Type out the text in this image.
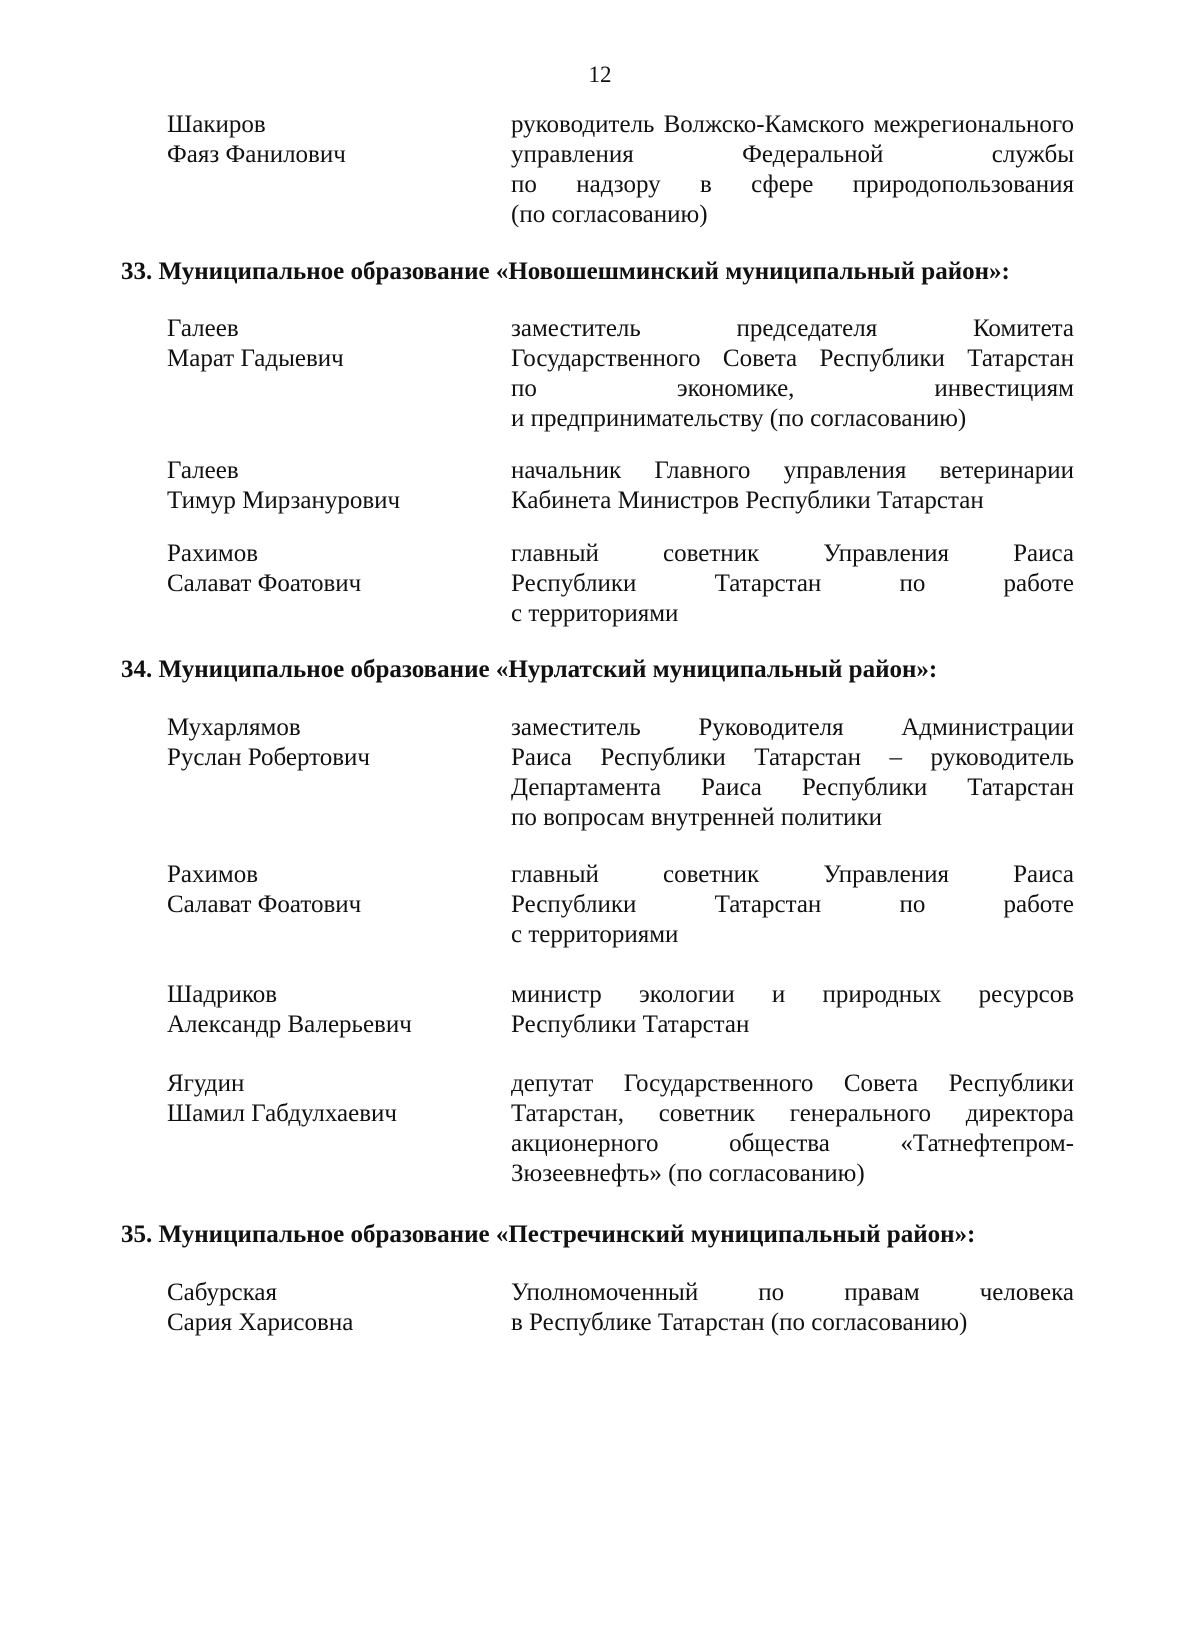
12
Шакиров
Фаяз Фанилович
руководитель Волжско-Камского межрегионального
управления Федеральной службы
по надзору в сфере природопользования
(по согласованию)
33. Муниципальное образование «Новошешминский муниципальный район»:
Галеев
Марат Гадыевич
заместитель председателя Комитета
Государственного Совета Республики Татарстан
по экономике, инвестициям
и предпринимательству (по согласованию)
Галеев
Тимур Мирзанурович
начальник Главного управления ветеринарии
Кабинета Министров Республики Татарстан
Рахимов
Салават Фоатович
главный советник Управления Раиса
Республики Татарстан по работе
с территориями
34. Муниципальное образование «Нурлатский муниципальный район»:
Мухарлямов
Руслан Робертович
заместитель Руководителя Администрации
Раиса Республики Татарстан – руководитель
Департамента Раиса Республики Татарстан
по вопросам внутренней политики
Рахимов
Салават Фоатович
главный советник Управления Раиса
Республики Татарстан по работе
с территориями
Шадриков
Александр Валерьевич
министр экологии и природных ресурсов
Республики Татарстан
Ягудин
Шамил Габдулхаевич
депутат Государственного Совета Республики
Татарстан, советник генерального директора
акционерного общества «Татнефтепром-
Зюзеевнефть» (по согласованию)
35. Муниципальное образование «Пестречинский муниципальный район»:
Сабурская
Сария Харисовна
Уполномоченный по правам человека
в Республике Татарстан (по согласованию)
